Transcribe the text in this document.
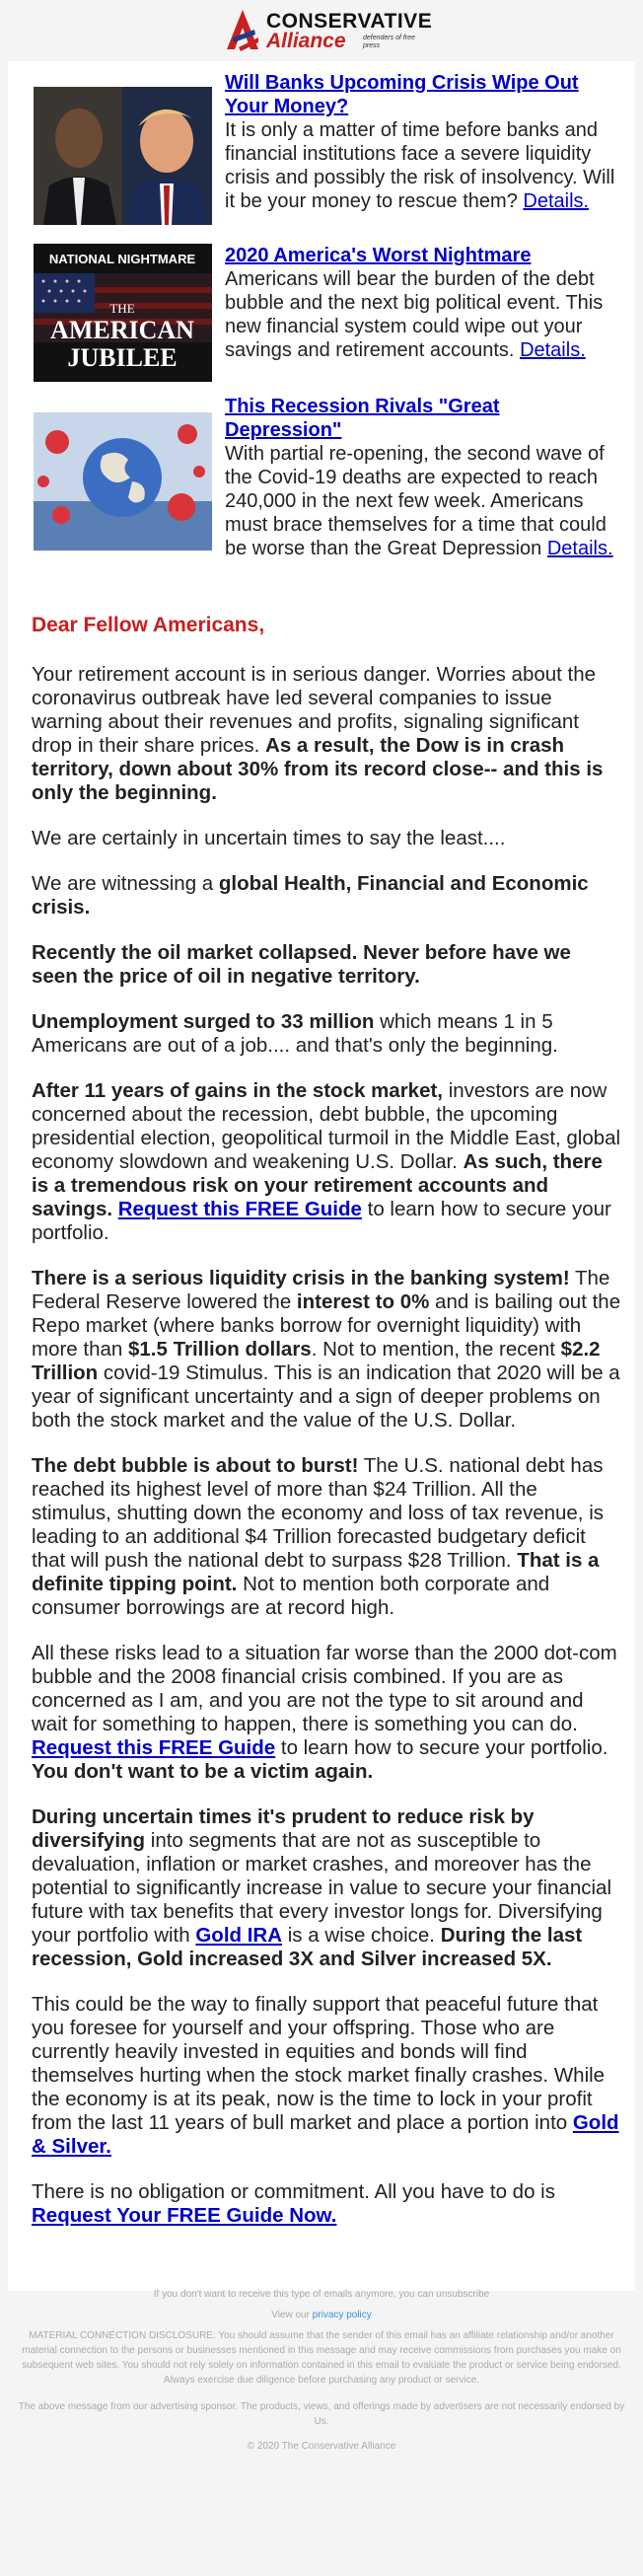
CONSERVATIVE
Alliance defenders of free press
Will Banks Upcoming Crisis Wipe Out Your Money?
It is only a matter of time before banks and financial institutions face a severe liquidity crisis and possibly the risk of insolvency. Will it be your money to rescue them? Details.
NATIONAL NIGHTMARE
THE
AMERICAN
JUBILEE
2020 America's Worst Nightmare
Americans will bear the burden of the debt bubble and the next big political event. This new financial system could wipe out your savings and retirement accounts. Details.
This Recession Rivals "Great Depression"
With partial re-opening, the second wave of the Covid-19 deaths are expected to reach 240,000 in the next few week. Americans must brace themselves for a time that could be worse than the Great Depression Details.

Dear Fellow Americans,

Your retirement account is in serious danger. Worries about the coronavirus outbreak have led several companies to issue warning about their revenues and profits, signaling significant drop in their share prices. As a result, the Dow is in crash territory, down about 30% from its record close-- and this is only the beginning.

We are certainly in uncertain times to say the least....

We are witnessing a global Health, Financial and Economic crisis.

Recently the oil market collapsed. Never before have we seen the price of oil in negative territory.

Unemployment surged to 33 million which means 1 in 5 Americans are out of a job.... and that's only the beginning.

After 11 years of gains in the stock market, investors are now concerned about the recession, debt bubble, the upcoming presidential election, geopolitical turmoil in the Middle East, global economy slowdown and weakening U.S. Dollar. As such, there is a tremendous risk on your retirement accounts and savings. Request this FREE Guide to learn how to secure your portfolio.

There is a serious liquidity crisis in the banking system! The Federal Reserve lowered the interest to 0% and is bailing out the Repo market (where banks borrow for overnight liquidity) with more than $1.5 Trillion dollars. Not to mention, the recent $2.2 Trillion covid-19 Stimulus. This is an indication that 2020 will be a year of significant uncertainty and a sign of deeper problems on both the stock market and the value of the U.S. Dollar.

The debt bubble is about to burst! The U.S. national debt has reached its highest level of more than $24 Trillion. All the stimulus, shutting down the economy and loss of tax revenue, is leading to an additional $4 Trillion forecasted budgetary deficit that will push the national debt to surpass $28 Trillion. That is a definite tipping point. Not to mention both corporate and consumer borrowings are at record high.

All these risks lead to a situation far worse than the 2000 dot-com bubble and the 2008 financial crisis combined. If you are as concerned as I am, and you are not the type to sit around and wait for something to happen, there is something you can do. Request this FREE Guide to learn how to secure your portfolio. You don't want to be a victim again.

During uncertain times it's prudent to reduce risk by diversifying into segments that are not as susceptible to devaluation, inflation or market crashes, and moreover has the potential to significantly increase in value to secure your financial future with tax benefits that every investor longs for. Diversifying your portfolio with Gold IRA is a wise choice. During the last recession, Gold increased 3X and Silver increased 5X.

This could be the way to finally support that peaceful future that you foresee for yourself and your offspring. Those who are currently heavily invested in equities and bonds will find themselves hurting when the stock market finally crashes. While the economy is at its peak, now is the time to lock in your profit from the last 11 years of bull market and place a portion into Gold & Silver.

There is no obligation or commitment. All you have to do is Request Your FREE Guide Now.

If you don't want to receive this type of emails anymore, you can unsubscribe

View our privacy policy

MATERIAL CONNECTION DISCLOSURE: You should assume that the sender of this email has an affiliate relationship and/or another material connection to the persons or businesses mentioned in this message and may receive commissions from purchases you make on subsequent web sites. You should not rely solely on information contained in this email to evaluate the product or service being endorsed. Always exercise due diligence before purchasing any product or service.

The above message from our advertising sponsor. The products, views, and offerings made by advertisers are not necessarily endorsed by Us.

© 2020 The Conservative Alliance
